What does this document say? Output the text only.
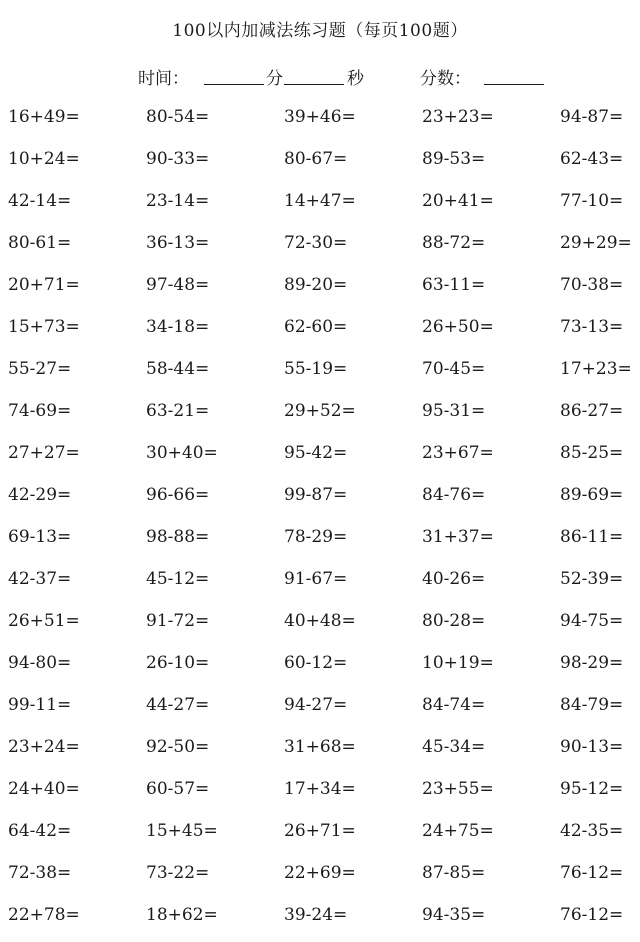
100以内加减法练习题（每页100题）
时间：	分	秒	分数：
16+49=	80-54=	39+46=	23+23=	94-87=
10+24=	90-33=	80-67=	89-53=	62-43=
42-14=	23-14=	14+47=	20+41=	77-10=
80-61=	36-13=	72-30=	88-72=	29+29=
20+71=	97-48=	89-20=	63-11=	70-38=
15+73=	34-18=	62-60=	26+50=	73-13=
55-27=	58-44=	55-19=	70-45=	17+23=
74-69=	63-21=	29+52=	95-31=	86-27=
27+27=	30+40=	95-42=	23+67=	85-25=
42-29=	96-66=	99-87=	84-76=	89-69=
69-13=	98-88=	78-29=	31+37=	86-11=
42-37=	45-12=	91-67=	40-26=	52-39=
26+51=	91-72=	40+48=	80-28=	94-75=
94-80=	26-10=	60-12=	10+19=	98-29=
99-11=	44-27=	94-27=	84-74=	84-79=
23+24=	92-50=	31+68=	45-34=	90-13=
24+40=	60-57=	17+34=	23+55=	95-12=
64-42=	15+45=	26+71=	24+75=	42-35=
72-38=	73-22=	22+69=	87-85=	76-12=
22+78=	18+62=	39-24=	94-35=	76-12=
